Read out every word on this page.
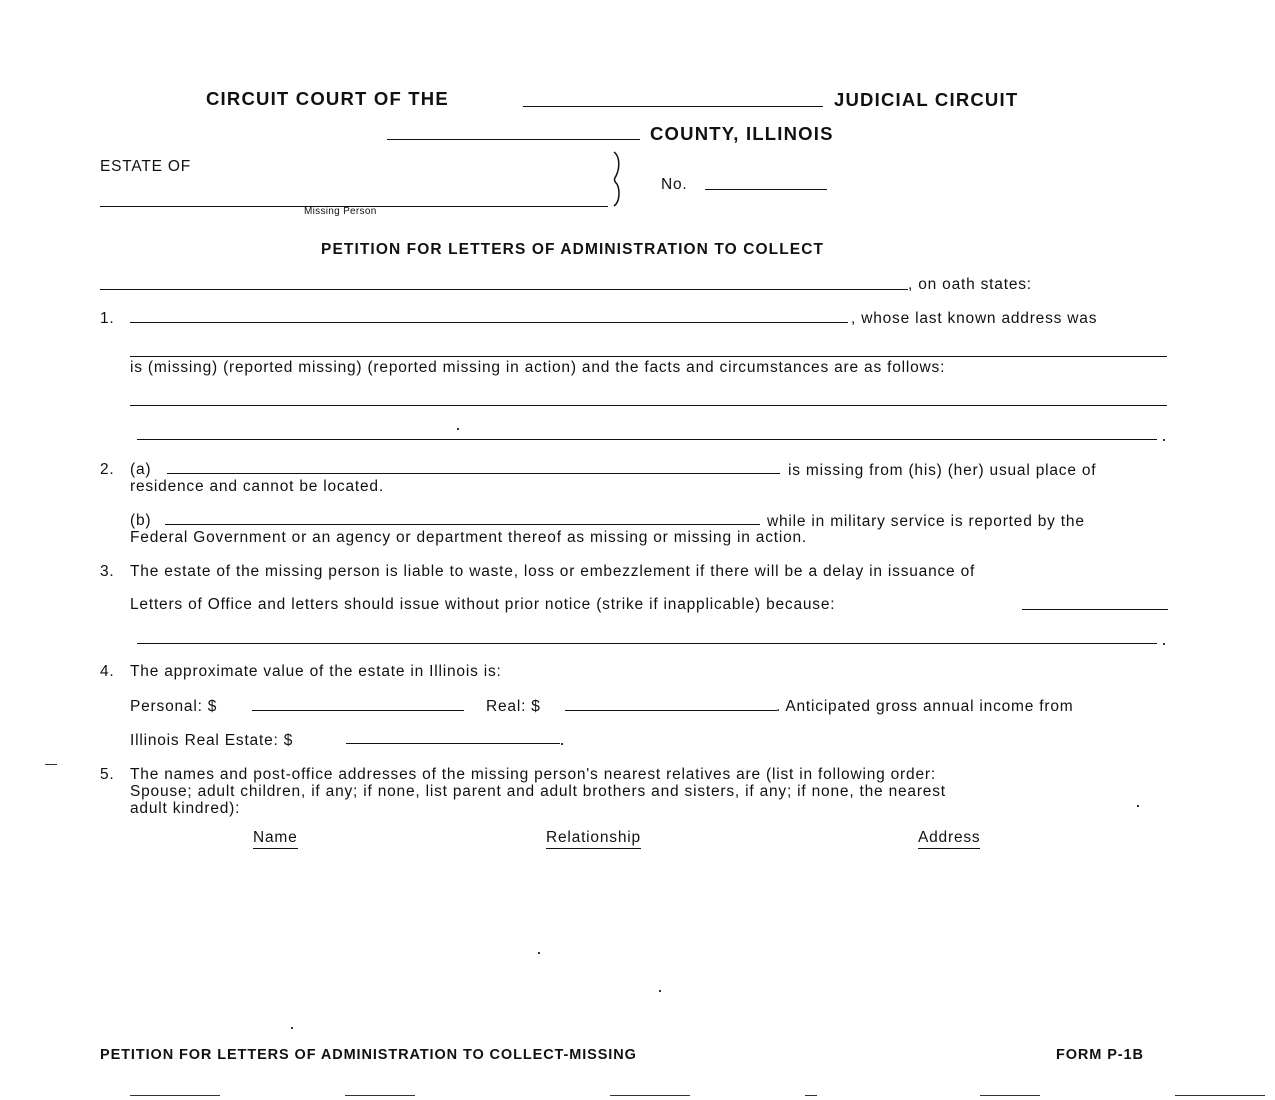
CIRCUIT COURT OF THE	JUDICIAL CIRCUIT
COUNTY, ILLINOIS
ESTATE OF
Missing Person
No.
PETITION FOR LETTERS OF ADMINISTRATION TO COLLECT
, on oath states:
1.	, whose last known address was
is (missing) (reported missing) (reported missing in action) and the facts and circumstances are as follows:
2. (a)	is missing from (his) (her) usual place of
residence and cannot be located.
(b)	while in military service is reported by the
Federal Government or an agency or department thereof as missing or missing in action.
3. The estate of the missing person is liable to waste, loss or embezzlement if there will be a delay in issuance of
Letters of Office and letters should issue without prior notice (strike if inapplicable) because:
4. The approximate value of the estate in Illinois is:
Personal: $	Real: $	. Anticipated gross annual income from
Illinois Real Estate: $
5. The names and post-office addresses of the missing person's nearest relatives are (list in following order:
Spouse; adult children, if any; if none, list parent and adult brothers and sisters, if any; if none, the nearest
adult kindred):
Name	Relationship	Address
PETITION FOR LETTERS OF ADMINISTRATION TO COLLECT-MISSING	FORM P-1B
